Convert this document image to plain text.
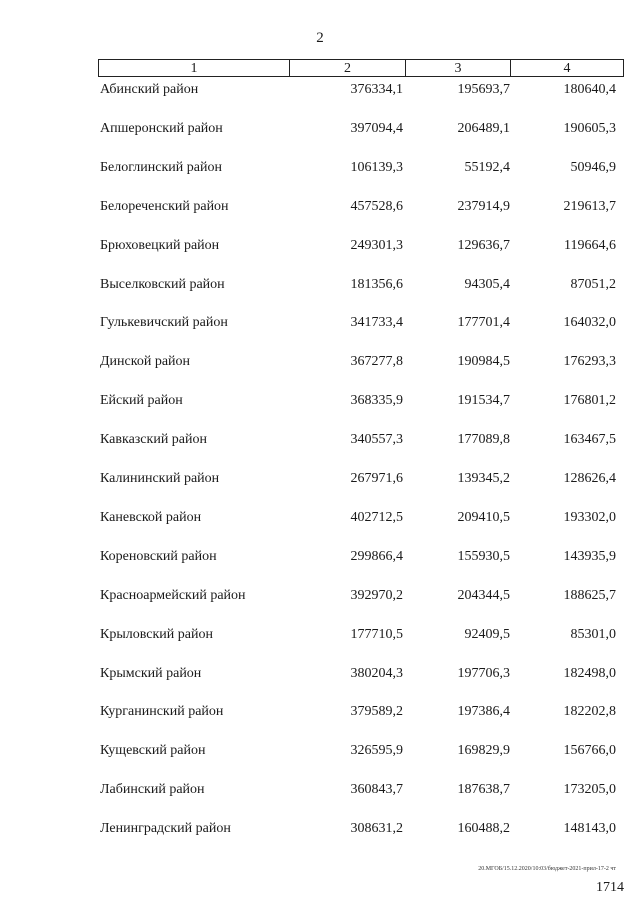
2
1	2	3	4
Абинский район	376334,1	195693,7	180640,4
Апшеронский район	397094,4	206489,1	190605,3
Белоглинский район	106139,3	55192,4	50946,9
Белореченский район	457528,6	237914,9	219613,7
Брюховецкий район	249301,3	129636,7	119664,6
Выселковский район	181356,6	94305,4	87051,2
Гулькевичский район	341733,4	177701,4	164032,0
Динской район	367277,8	190984,5	176293,3
Ейский район	368335,9	191534,7	176801,2
Кавказский район	340557,3	177089,8	163467,5
Калининский район	267971,6	139345,2	128626,4
Каневской район	402712,5	209410,5	193302,0
Кореновский район	299866,4	155930,5	143935,9
Красноармейский район	392970,2	204344,5	188625,7
Крыловский район	177710,5	92409,5	85301,0
Крымский район	380204,3	197706,3	182498,0
Курганинский район	379589,2	197386,4	182202,8
Кущевский район	326595,9	169829,9	156766,0
Лабинский район	360843,7	187638,7	173205,0
Ленинградский район	308631,2	160488,2	148143,0
20.МГОБ/15.12.2020/10:03/бюджет-2021-прил-17-2 чт
1714
